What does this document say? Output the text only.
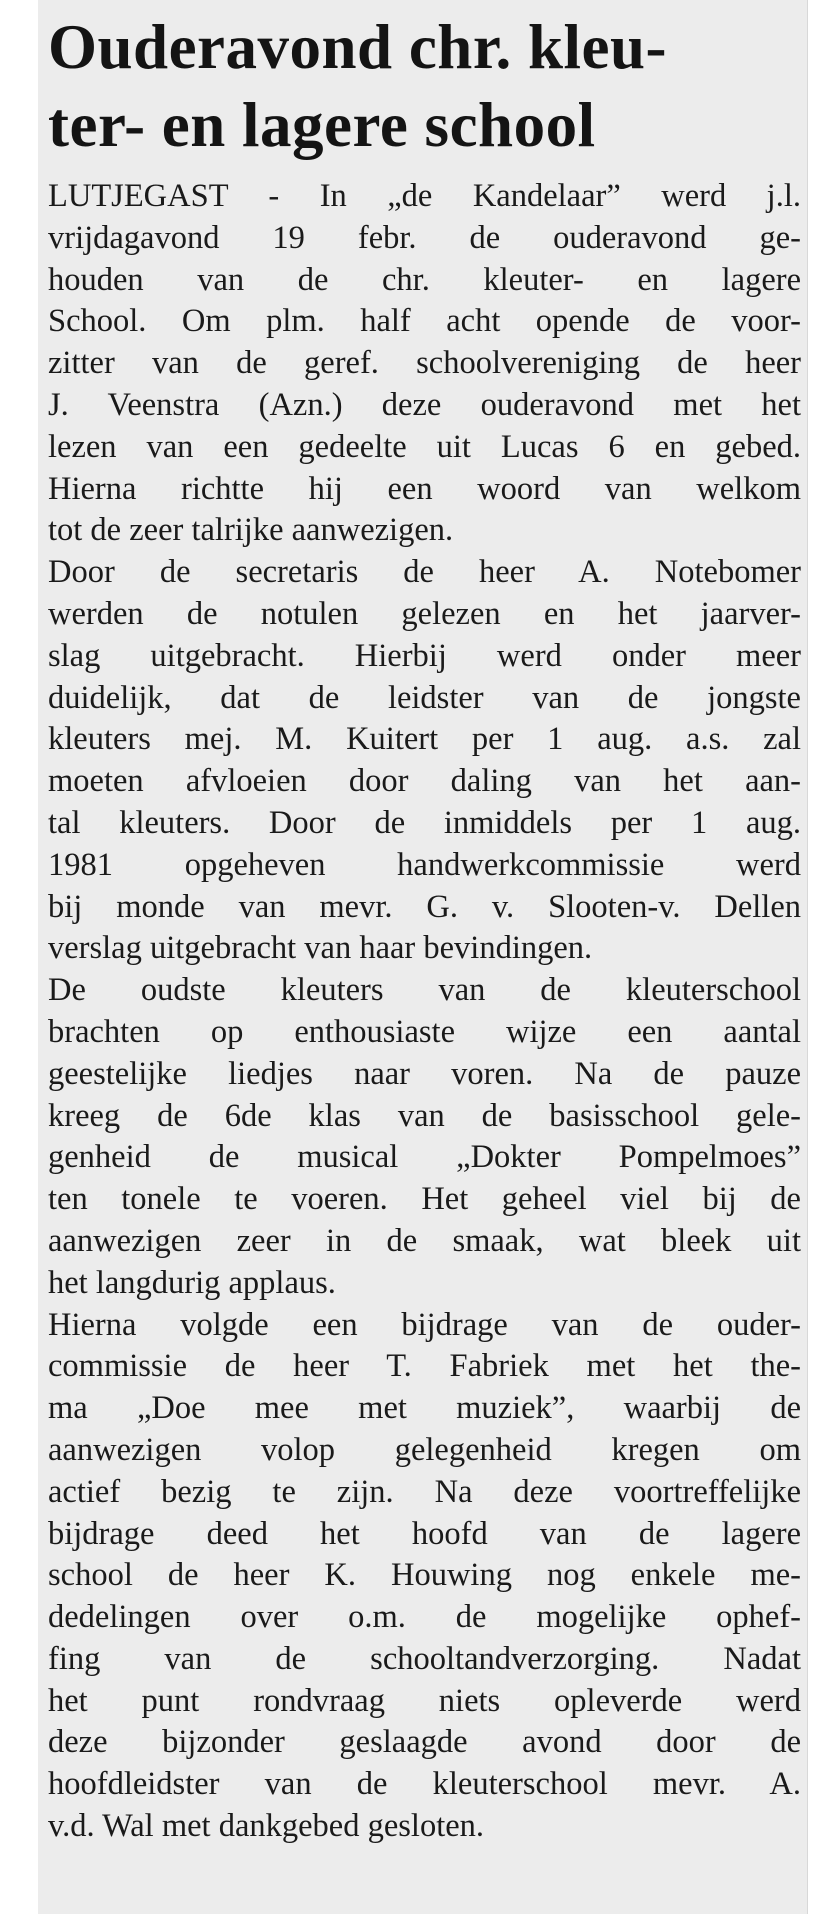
Ouderavond chr. kleu-
ter- en lagere school

LUTJEGAST - In „de Kandelaar” werd j.l.
vrijdagavond 19 febr. de ouderavond ge-
houden van de chr. kleuter- en lagere
School. Om plm. half acht opende de voor-
zitter van de geref. schoolvereniging de heer
J. Veenstra (Azn.) deze ouderavond met het
lezen van een gedeelte uit Lucas 6 en gebed.
Hierna richtte hij een woord van welkom
tot de zeer talrijke aanwezigen.

Door de secretaris de heer A. Notebomer
werden de notulen gelezen en het jaarver-
slag uitgebracht. Hierbij werd onder meer
duidelijk, dat de leidster van de jongste
kleuters mej. M. Kuitert per 1 aug. a.s. zal
moeten afvloeien door daling van het aan-
tal kleuters. Door de inmiddels per 1 aug.
1981 opgeheven handwerkcommissie werd
bij monde van mevr. G. v. Slooten-v. Dellen
verslag uitgebracht van haar bevindingen.

De oudste kleuters van de kleuterschool
brachten op enthousiaste wijze een aantal
geestelijke liedjes naar voren. Na de pauze
kreeg de 6de klas van de basisschool gele-
genheid de musical „Dokter Pompelmoes”
ten tonele te voeren. Het geheel viel bij de
aanwezigen zeer in de smaak, wat bleek uit
het langdurig applaus.

Hierna volgde een bijdrage van de ouder-
commissie de heer T. Fabriek met het the-
ma „Doe mee met muziek”, waarbij de
aanwezigen volop gelegenheid kregen om
actief bezig te zijn. Na deze voortreffelijke
bijdrage deed het hoofd van de lagere
school de heer K. Houwing nog enkele me-
dedelingen over o.m. de mogelijke ophef-
fing van de schooltandverzorging. Nadat
het punt rondvraag niets opleverde werd
deze bijzonder geslaagde avond door de
hoofdleidster van de kleuterschool mevr. A.
v.d. Wal met dankgebed gesloten.
